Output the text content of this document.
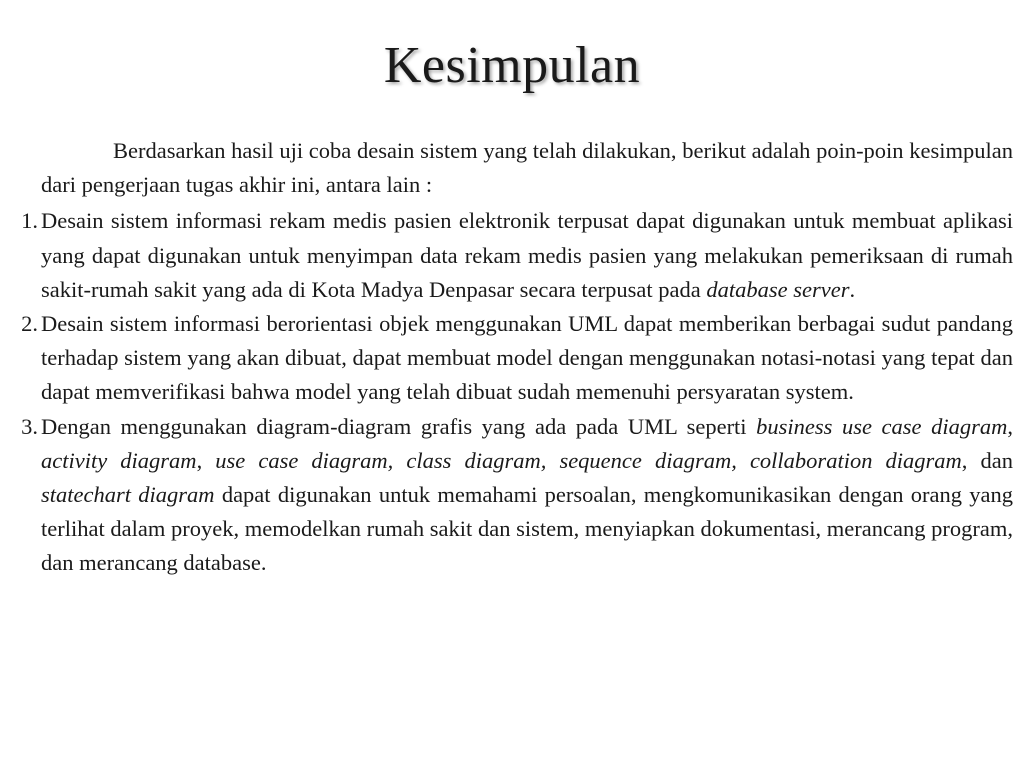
Kesimpulan

Berdasarkan hasil uji coba desain sistem yang telah dilakukan, berikut adalah poin-poin kesimpulan dari pengerjaan tugas akhir ini, antara lain :

1. Desain sistem informasi rekam medis pasien elektronik terpusat dapat digunakan untuk membuat aplikasi yang dapat digunakan untuk menyimpan data rekam medis pasien yang melakukan pemeriksaan di rumah sakit-rumah sakit yang ada di Kota Madya Denpasar secara terpusat pada database server.
2. Desain sistem informasi berorientasi objek menggunakan UML dapat memberikan berbagai sudut pandang terhadap sistem yang akan dibuat, dapat membuat model dengan menggunakan notasi-notasi yang tepat dan dapat memverifikasi bahwa model yang telah dibuat sudah memenuhi persyaratan system.
3. Dengan menggunakan diagram-diagram grafis yang ada pada UML seperti business use case diagram, activity diagram, use case diagram, class diagram, sequence diagram, collaboration diagram, dan statechart diagram dapat digunakan untuk memahami persoalan, mengkomunikasikan dengan orang yang terlihat dalam proyek, memodelkan rumah sakit dan sistem, menyiapkan dokumentasi, merancang program, dan merancang database.
